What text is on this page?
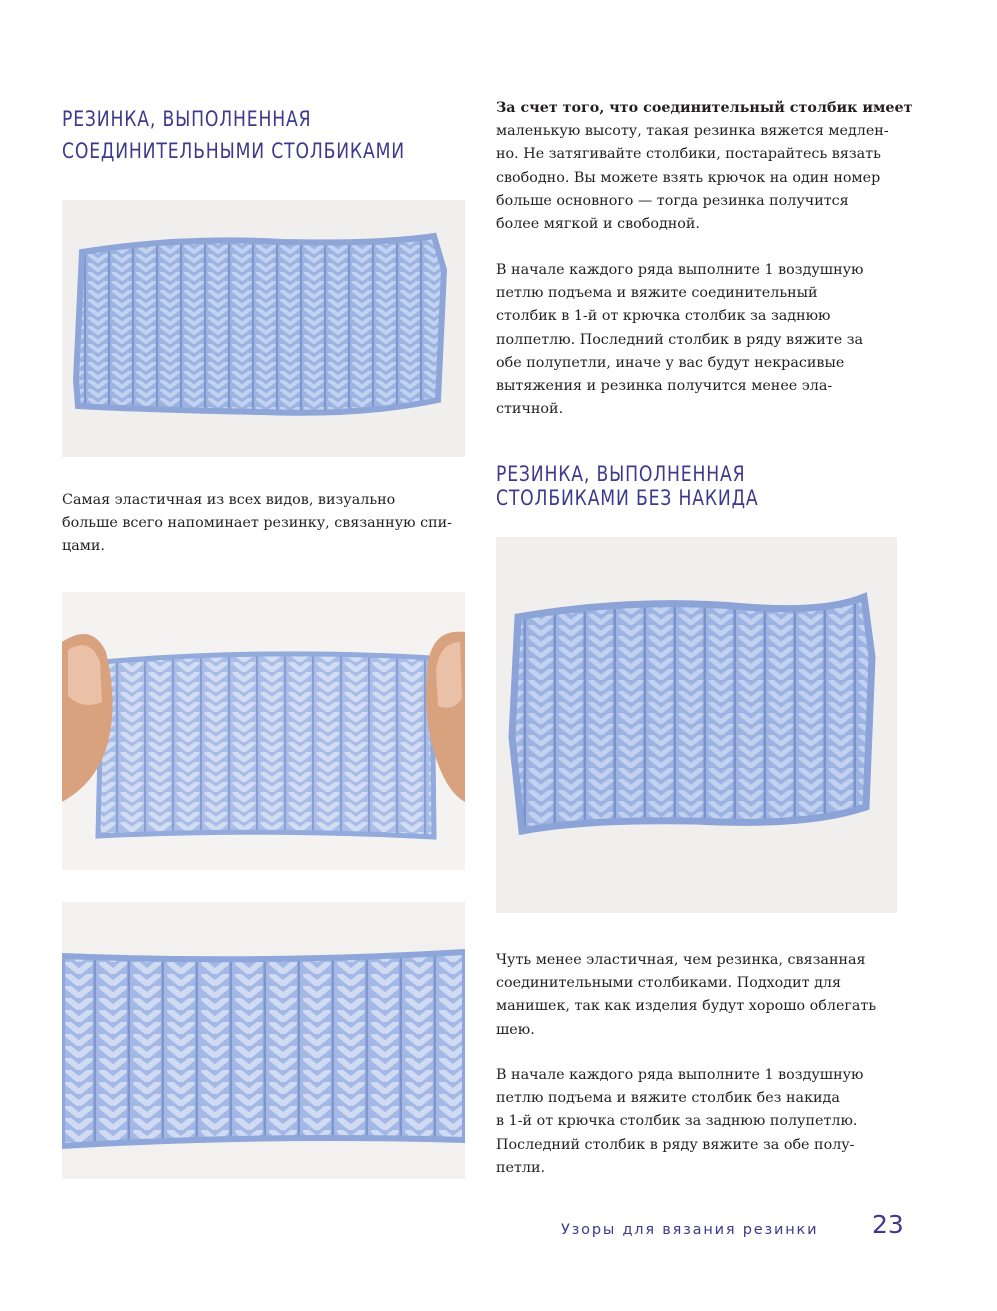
РЕЗИНКА, ВЫПОЛНЕННАЯ
СОЕДИНИТЕЛЬНЫМИ СТОЛБИКАМИ

Самая эластичная из всех видов, визуально
больше всего напоминает резинку, связанную спи-
цами.

За счет того, что соединительный столбик имеет
маленькую высоту, такая резинка вяжется медлен-
но. Не затягивайте столбики, постарайтесь вязать
свободно. Вы можете взять крючок на один номер
больше основного — тогда резинка получится
более мягкой и свободной.

В начале каждого ряда выполните 1 воздушную
петлю подъема и вяжите соединительный
столбик в 1-й от крючка столбик за заднюю
полпетлю. Последний столбик в ряду вяжите за
обе полупетли, иначе у вас будут некрасивые
вытяжения и резинка получится менее эла-
стичной.

РЕЗИНКА, ВЫПОЛНЕННАЯ
СТОЛБИКАМИ БЕЗ НАКИДА

Чуть менее эластичная, чем резинка, связанная
соединительными столбиками. Подходит для
манишек, так как изделия будут хорошо облегать
шею.

В начале каждого ряда выполните 1 воздушную
петлю подъема и вяжите столбик без накида
в 1-й от крючка столбик за заднюю полупетлю.
Последний столбик в ряду вяжите за обе полу-
петли.

Узоры для вязания резинки 23
